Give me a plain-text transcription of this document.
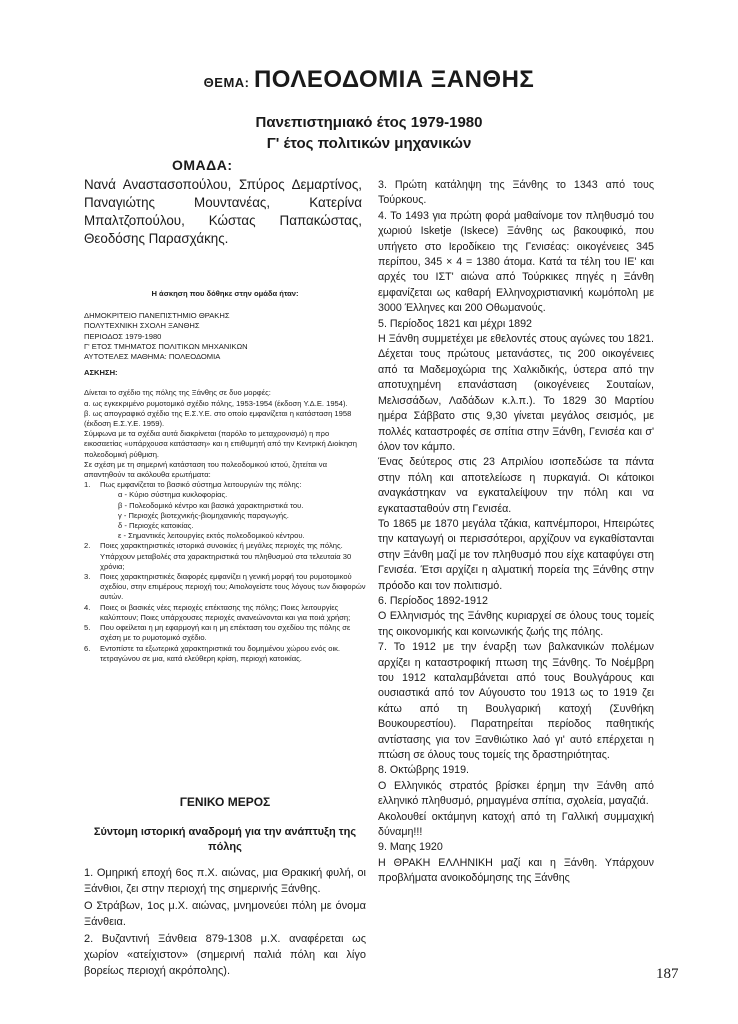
ΘΕΜΑ: ΠΟΛΕΟΔΟΜΙΑ ΞΑΝΘΗΣ
Πανεπιστημιακό έτος 1979-1980
Γ' έτος πολιτικών μηχανικών
ΟΜΑΔΑ:

Νανά Αναστασοπούλου, Σπύρος Δεμαρτίνος, Παναγιώτης Μουντανέας, Κατερίνα Μπαλτζοπούλου, Κώστας Παπακώστας, Θεοδόσης Παρασχάκης.

Η άσκηση που δόθηκε στην ομάδα ήταν:

ΔΗΜΟΚΡΙΤΕΙΟ ΠΑΝΕΠΙΣΤΗΜΙΟ ΘΡΑΚΗΣ

ΠΟΛΥΤΕΧΝΙΚΗ ΣΧΟΛΗ ΞΑΝΘΗΣ

ΠΕΡΙΟΔΟΣ 1979-1980

Γ' ΕΤΟΣ ΤΜΗΜΑΤΟΣ ΠΟΛΙΤΙΚΩΝ ΜΗΧΑΝΙΚΩΝ

ΑΥΤΟΤΕΛΕΣ ΜΑΘΗΜΑ: ΠΟΛΕΟΔΟΜΙΑ

ΑΣΚΗΣΗ:

Δίνεται το σχέδιο της πόλης της Ξάνθης σε δυο μορφές:

α. ως εγκεκριμένο ρυμοτομικό σχέδιο πόλης, 1953-1954 (έκδοση Υ.Δ.Ε. 1954).

β. ως απογραφικό σχέδιο της Ε.Σ.Υ.Ε. στο οποίο εμφανίζεται η κατάσταση 1958 (έκδοση Ε.Σ.Υ.Ε. 1959).

Σύμφωνα με τα σχέδια αυτά διακρίνεται (παρόλο το μεταχρονισμό) η προ εικοσαετίας «υπάρχουσα κατάσταση» και η επιθυμητή από την Κεντρική Διοίκηση πολεοδομική ρύθμιση.

Σε σχέση με τη σημερινή κατάσταση του πολεοδομικού ιστού, ζητείται να απαντηθούν τα ακόλουθα ερωτήματα:

1. Πως εμφανίζεται το βασικό σύστημα λειτουργιών της πόλης:

α - Κύριο σύστημα κυκλοφορίας.

β - Πολεοδομικό κέντρο και βασικά χαρακτηριστικά του.

γ - Περιοχές βιοτεχνικής-βιομηχανικής παραγωγής.

δ - Περιοχές κατοικίας.

ε - Σημαντικές λειτουργίες εκτός πολεοδομικού κέντρου.

2. Ποιες χαρακτηριστικές ιστορικά συνοικίες ή μεγάλες περιοχές της πόλης. Υπάρχουν μεταβολές στα χαρακτηριστικά του πληθυσμού στα τελευταία 30 χρόνια;
3. Ποιες χαρακτηριστικές διαφορές εμφανίζει η γενική μορφή του ρυμοτομικού σχεδίου, στην επιμέρους περιοχή του; Αιτιολογείστε τους λόγους των διαφορών αυτών.
4. Ποιες οι βασικές νέες περιοχές επέκτασης της πόλης; Ποιες λειτουργίες καλύπτουν; Ποιες υπάρχουσες περιοχές ανανεώνονται και για ποιά χρήση;
5. Που οφείλεται η μη εφαρμογή και η μη επέκταση του σχεδίου της πόλης σε σχέση με το ρυμοτομικό σχέδιο.
6. Εντοπίστε τα εξωτερικά χαρακτηριστικά του δομημένου χώρου ενός οικ. τετραγώνου σε μια, κατά ελεύθερη κρίση, περιοχή κατοικίας.
ΓΕΝΙΚΟ ΜΕΡΟΣ
Σύντομη ιστορική αναδρομή για την ανάπτυξη της πόλης

1. Ομηρική εποχή 6ος π.Χ. αιώνας, μια Θρακική φυλή, οι Ξάνθιοι, ζει στην περιοχή της σημερινής Ξάνθης.

Ο Στράβων, 1ος μ.Χ. αιώνας, μνημονεύει πόλη με όνομα Ξάνθεια.

2. Βυζαντινή Ξάνθεια 879-1308 μ.Χ. αναφέρεται ως χωρίον «ατείχιστον» (σημερινή παλιά πόλη και λίγο βορείως περιοχή ακρόπολης).

3. Πρώτη κατάληψη της Ξάνθης το 1343 από τους Τούρκους.

4. Το 1493 για πρώτη φορά μαθαίνομε τον πληθυσμό του χωριού Isketje (Iskece) Ξάνθης ως βακουφικό, που υπήγετο στο Ιεροδίκειο της Γενισέας: οικογένειες 345 περίπου, 345 × 4 = 1380 άτομα. Κατά τα τέλη του ΙΕ' και αρχές του ΙΣΤ' αιώνα από Τούρκικες πηγές η Ξάνθη εμφανίζεται ως καθαρή Ελληνοχριστιανική κωμόπολη με 3000 Έλληνες και 200 Οθωμανούς.

5. Περίοδος 1821 και μέχρι 1892

Η Ξάνθη συμμετέχει με εθελοντές στους αγώνες του 1821. Δέχεται τους πρώτους μετανάστες, τις 200 οικογένειες από τα Μαδεμοχώρια της Χαλκιδικής, ύστερα από την αποτυχημένη επανάσταση (οικογένειες Σουταίων, Μελισσάδων, Λαδάδων κ.λ.π.). Το 1829 30 Μαρτίου ημέρα Σάββατο στις 9,30 γίνεται μεγάλος σεισμός, με πολλές καταστροφές σε σπίτια στην Ξάνθη, Γενισέα και σ' όλον τον κάμπο.

Ένας δεύτερος στις 23 Απριλίου ισοπεδώσε τα πάντα στην πόλη και αποτελείωσε η πυρκαγιά. Οι κάτοικοι αναγκάστηκαν να εγκαταλείψουν την πόλη και να εγκατασταθούν στη Γενισέα.

Το 1865 με 1870 μεγάλα τζάκια, καπνέμποροι, Ηπειρώτες την καταγωγή οι περισσότεροι, αρχίζουν να εγκαθίστανται στην Ξάνθη μαζί με τον πληθυσμό που είχε καταφύγει στη Γενισέα. Έτσι αρχίζει η αλματική πορεία της Ξάνθης στην πρόοδο και τον πολιτισμό.

6. Περίοδος 1892-1912

Ο Ελληνισμός της Ξάνθης κυριαρχεί σε όλους τους τομείς της οικονομικής και κοινωνικής ζωής της πόλης.

7. Το 1912 με την έναρξη των βαλκανικών πολέμων αρχίζει η καταστροφική πτωση της Ξάνθης. Το Νοέμβρη του 1912 καταλαμβάνεται από τους Βουλγάρους και ουσιαστικά από τον Αύγουστο του 1913 ως το 1919 ζει κάτω από τη Βουλγαρική κατοχή (Συνθήκη Βουκουρεστίου). Παρατηρείται περίοδος παθητικής αντίστασης για τον Ξανθιώτικο λαό γι' αυτό επέρχεται η πτώση σε όλους τους τομείς της δραστηριότητας.

8. Οκτώβρης 1919.

Ο Ελληνικός στρατός βρίσκει έρημη την Ξάνθη από ελληνικό πληθυσμό, ρημαγμένα σπίτια, σχολεία, μαγαζιά.

Ακολουθεί οκτάμηνη κατοχή από τη Γαλλική συμμαχική δύναμη!!!

9. Μαης 1920

Η ΘΡΑΚΗ ΕΛΛΗΝΙΚΗ μαζί και η Ξάνθη. Υπάρχουν προβλήματα ανοικοδόμησης της Ξάνθης

187
